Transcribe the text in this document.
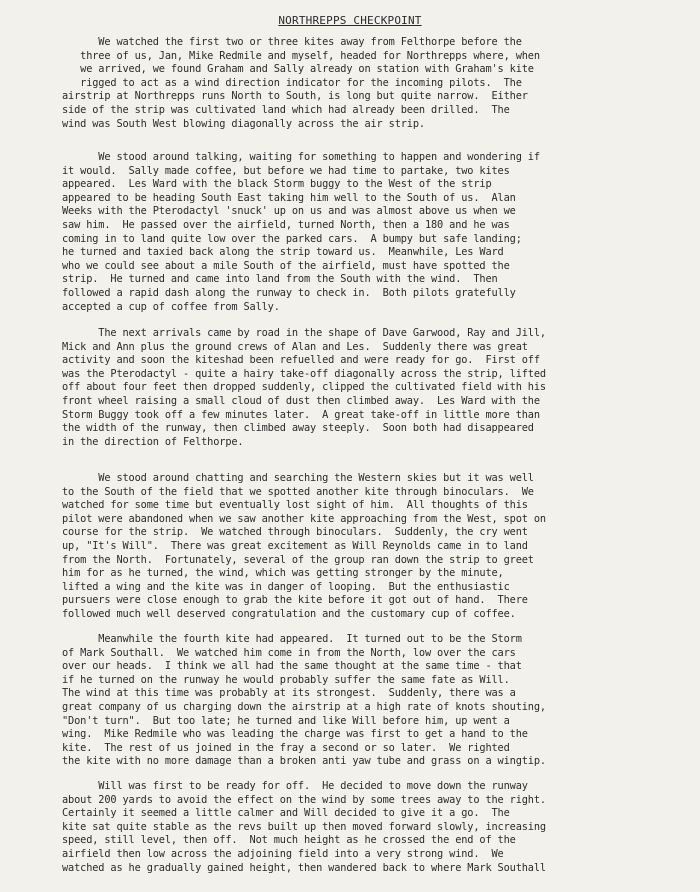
NORTHREPPS CHECKPOINT
We watched the first two or three kites away from Felthorpe before the
three of us, Jan, Mike Redmile and myself, headed for Northrepps where, when
we arrived, we found Graham and Sally already on station with Graham's kite
rigged to act as a wind direction indicator for the incoming pilots.  The
airstrip at Northrepps runs North to South, is long but quite narrow.  Either
side of the strip was cultivated land which had already been drilled.  The
wind was South West blowing diagonally across the air strip.
We stood around talking, waiting for something to happen and wondering if
it would.  Sally made coffee, but before we had time to partake, two kites
appeared.  Les Ward with the black Storm buggy to the West of the strip
appeared to be heading South East taking him well to the South of us.  Alan
Weeks with the Pterodactyl 'snuck' up on us and was almost above us when we
saw him.  He passed over the airfield, turned North, then a 180 and he was
coming in to land quite low over the parked cars.  A bumpy but safe landing;
he turned and taxied back along the strip toward us.  Meanwhile, Les Ward
who we could see about a mile South of the airfield, must have spotted the
strip.  He turned and came into land from the South with the wind.  Then
followed a rapid dash along the runway to check in.  Both pilots gratefully
accepted a cup of coffee from Sally.
The next arrivals came by road in the shape of Dave Garwood, Ray and Jill,
Mick and Ann plus the ground crews of Alan and Les.  Suddenly there was great
activity and soon the kiteshad been refuelled and were ready for go.  First off
was the Pterodactyl - quite a hairy take-off diagonally across the strip, lifted
off about four feet then dropped suddenly, clipped the cultivated field with his
front wheel raising a small cloud of dust then climbed away.  Les Ward with the
Storm Buggy took off a few minutes later.  A great take-off in little more than
the width of the runway, then climbed away steeply.  Soon both had disappeared
in the direction of Felthorpe.
We stood around chatting and searching the Western skies but it was well
to the South of the field that we spotted another kite through binoculars.  We
watched for some time but eventually lost sight of him.  All thoughts of this
pilot were abandoned when we saw another kite approaching from the West, spot on
course for the strip.  We watched through binoculars.  Suddenly, the cry went
up, "It's Will".  There was great excitement as Will Reynolds came in to land
from the North.  Fortunately, several of the group ran down the strip to greet
him for as he turned, the wind, which was getting stronger by the minute,
lifted a wing and the kite was in danger of looping.  But the enthusiastic
pursuers were close enough to grab the kite before it got out of hand.  There
followed much well deserved congratulation and the customary cup of coffee.
Meanwhile the fourth kite had appeared.  It turned out to be the Storm
of Mark Southall.  We watched him come in from the North, low over the cars
over our heads.  I think we all had the same thought at the same time - that
if he turned on the runway he would probably suffer the same fate as Will.
The wind at this time was probably at its strongest.  Suddenly, there was a
great company of us charging down the airstrip at a high rate of knots shouting,
"Don't turn".  But too late; he turned and like Will before him, up went a
wing.  Mike Redmile who was leading the charge was first to get a hand to the
kite.  The rest of us joined in the fray a second or so later.  We righted
the kite with no more damage than a broken anti yaw tube and grass on a wingtip.
Will was first to be ready for off.  He decided to move down the runway
about 200 yards to avoid the effect on the wind by some trees away to the right.
Certainly it seemed a little calmer and Will decided to give it a go.  The
kite sat quite stable as the revs built up then moved forward slowly, increasing
speed, still level, then off.  Not much height as he crossed the end of the
airfield then low across the adjoining field into a very strong wind.  We
watched as he gradually gained height, then wandered back to where Mark Southall
